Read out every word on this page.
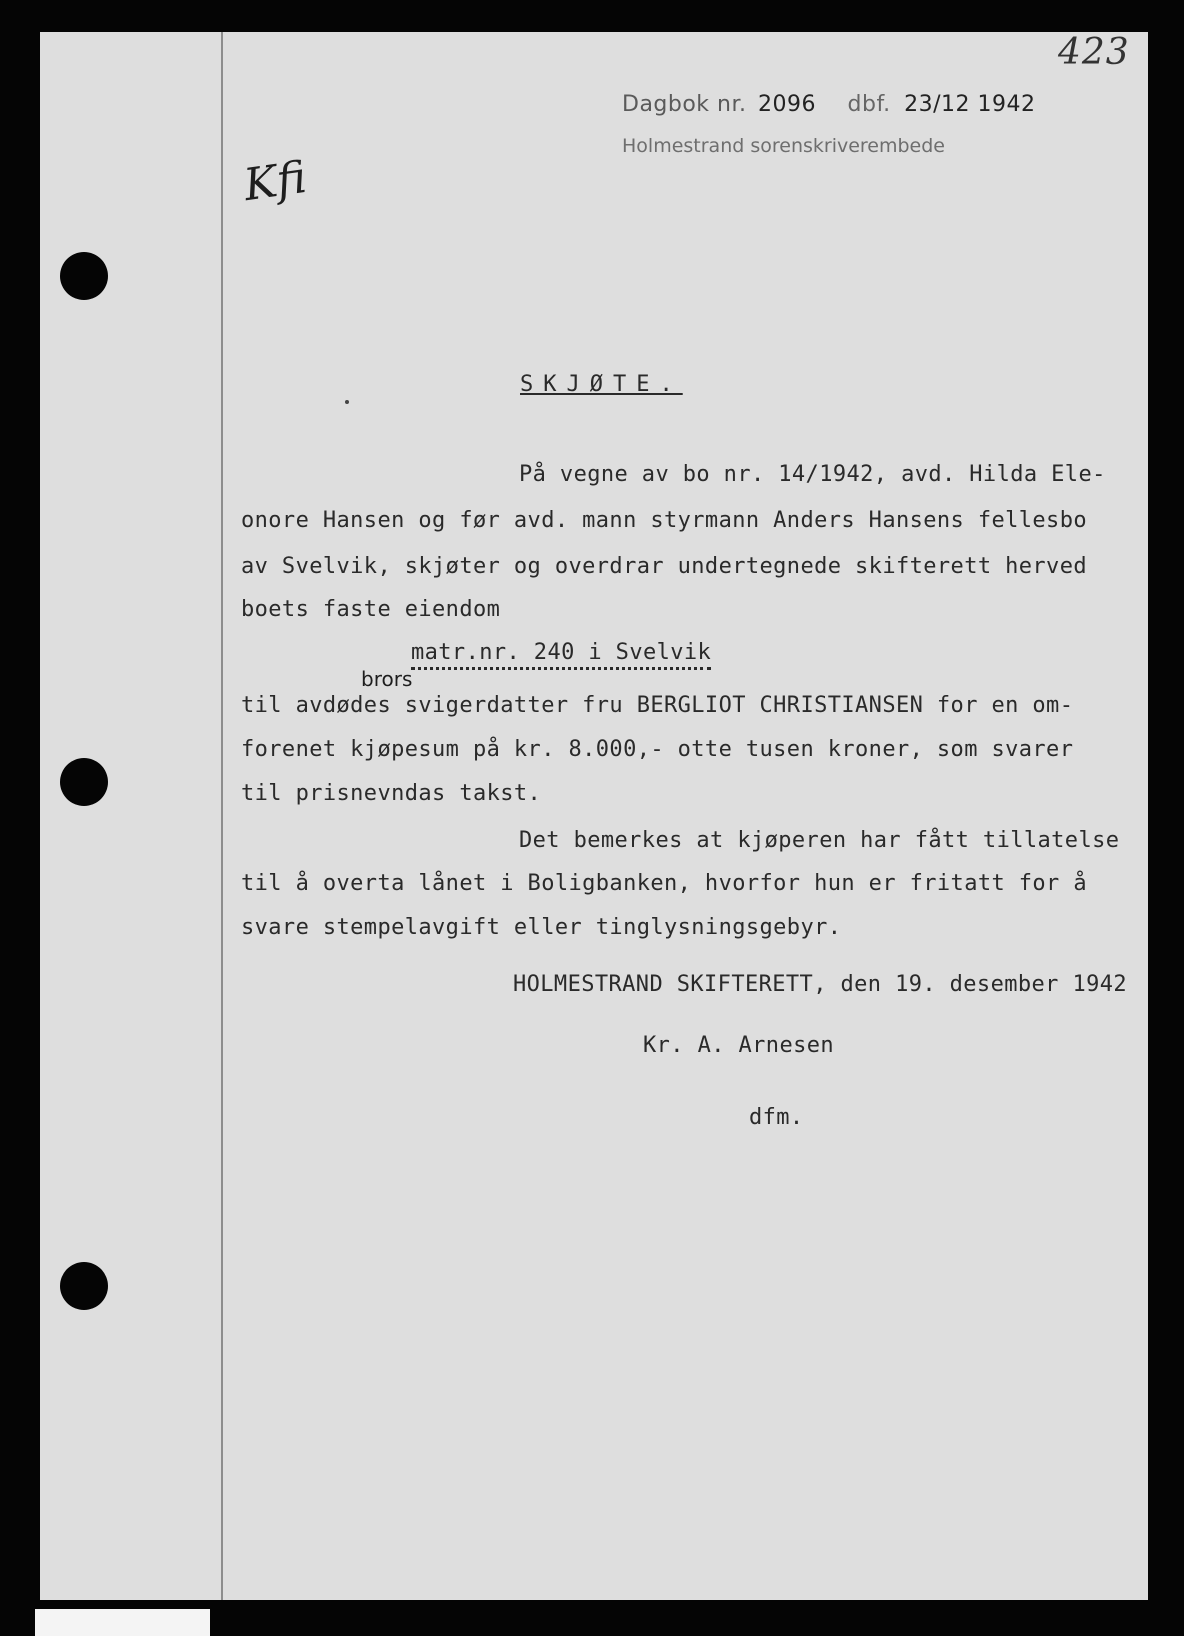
Dagbok nr. 2096 dbf. 23/12 1942
Holmestrand sorenskriverembede
423
Kfi
SKJØTE.
På vegne av bo nr. 14/1942, avd. Hilda Ele-
onore Hansen og før avd. mann styrmann Anders Hansens fellesbo
av Svelvik, skjøter og overdrar undertegnede skifterett herved
boets faste eiendom
matr.nr. 240 i Svelvik
brors
til avdødes svigerdatter fru BERGLIOT CHRISTIANSEN for en om-
forenet kjøpesum på kr. 8.000,- otte tusen kroner, som svarer
til prisnevndas takst.
Det bemerkes at kjøperen har fått tillatelse
til å overta lånet i Boligbanken, hvorfor hun er fritatt for å
svare stempelavgift eller tinglysningsgebyr.
HOLMESTRAND SKIFTERETT, den 19. desember 1942
Kr. A. Arnesen
dfm.
